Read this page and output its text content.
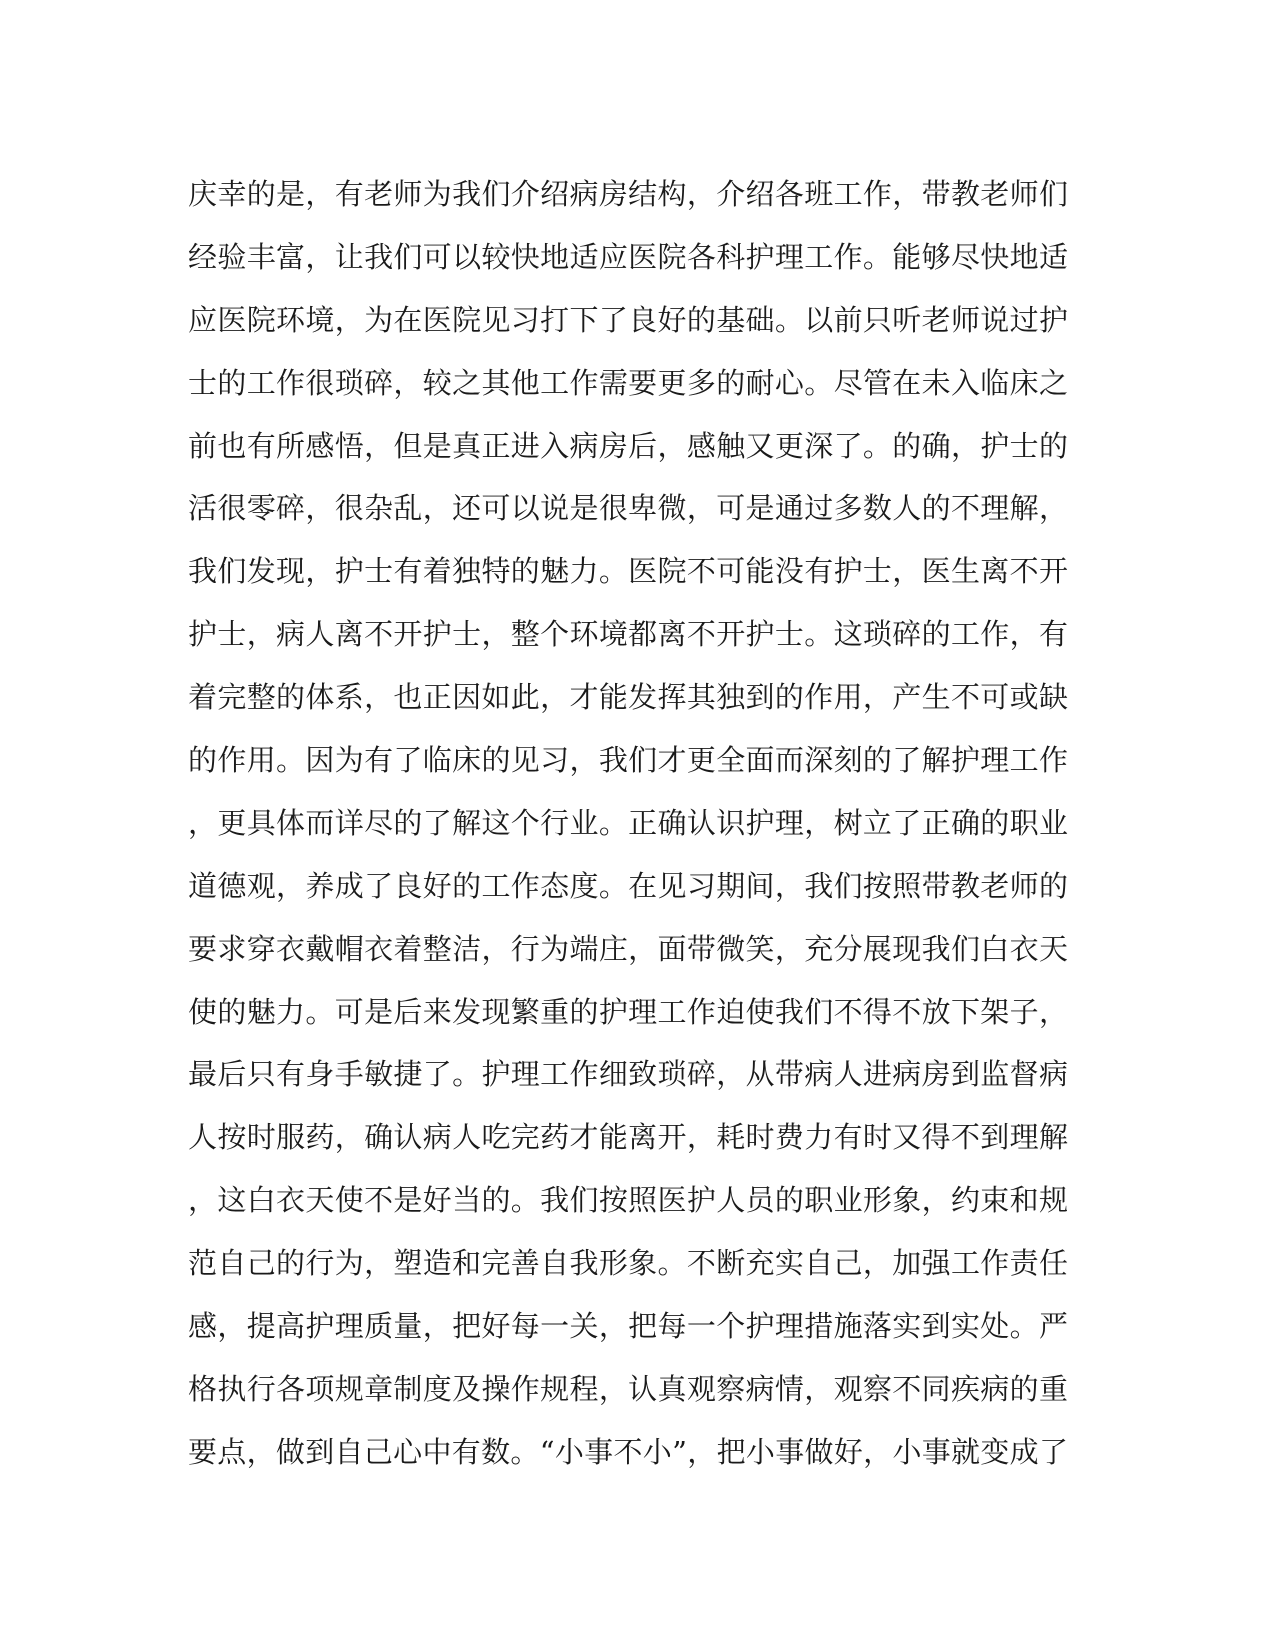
庆幸的是，有老师为我们介绍病房结构，介绍各班工作，带教老师们
经验丰富，让我们可以较快地适应医院各科护理工作。能够尽快地适
应医院环境，为在医院见习打下了良好的基础。以前只听老师说过护
士的工作很琐碎，较之其他工作需要更多的耐心。尽管在未入临床之
前也有所感悟，但是真正进入病房后，感触又更深了。的确，护士的
活很零碎，很杂乱，还可以说是很卑微，可是通过多数人的不理解，
我们发现，护士有着独特的魅力。医院不可能没有护士，医生离不开
护士，病人离不开护士，整个环境都离不开护士。这琐碎的工作，有
着完整的体系，也正因如此，才能发挥其独到的作用，产生不可或缺
的作用。因为有了临床的见习，我们才更全面而深刻的了解护理工作
，更具体而详尽的了解这个行业。正确认识护理，树立了正确的职业
道德观，养成了良好的工作态度。在见习期间，我们按照带教老师的
要求穿衣戴帽衣着整洁，行为端庄，面带微笑，充分展现我们白衣天
使的魅力。可是后来发现繁重的护理工作迫使我们不得不放下架子，
最后只有身手敏捷了。护理工作细致琐碎，从带病人进病房到监督病
人按时服药，确认病人吃完药才能离开，耗时费力有时又得不到理解
，这白衣天使不是好当的。我们按照医护人员的职业形象，约束和规
范自己的行为，塑造和完善自我形象。不断充实自己，加强工作责任
感，提高护理质量，把好每一关，把每一个护理措施落实到实处。严
格执行各项规章制度及操作规程，认真观察病情，观察不同疾病的重
要点，做到自己心中有数。“小事不小”，把小事做好，小事就变成了
